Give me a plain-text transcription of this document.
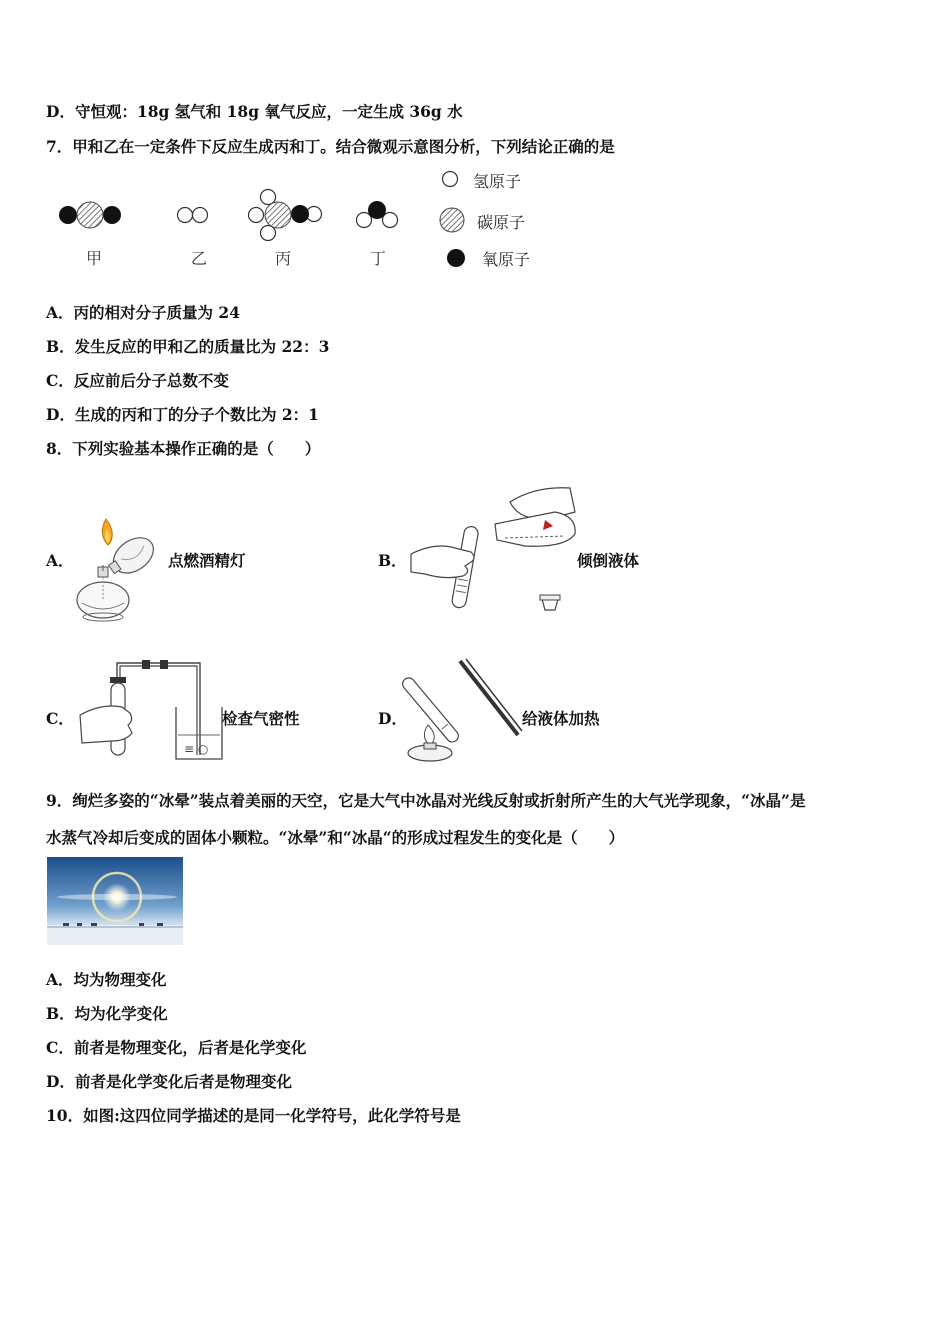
D．守恒观：18g 氢气和 18g 氧气反应，一定生成 36g 水
7．甲和乙在一定条件下反应生成丙和丁。结合微观示意图分析，下列结论正确的是
甲	乙	丙	丁
氢原子
碳原子
氧原子
A．丙的相对分子质量为 24
B．发生反应的甲和乙的质量比为 22：3
C．反应前后分子总数不变
D．生成的丙和丁的分子个数比为 2：1
8．下列实验基本操作正确的是（　　）
A．	点燃酒精灯	B．	倾倒液体
C．
≡ ○
检查气密性	D．	给液体加热
9．绚烂多姿的“冰晕”装点着美丽的天空，它是大气中冰晶对光线反射或折射所产生的大气光学现象，“冰晶”是
水蒸气冷却后变成的固体小颗粒。“冰晕”和“冰晶“的形成过程发生的变化是（　　）
A．均为物理变化
B．均为化学变化
C．前者是物理变化，后者是化学变化
D．前者是化学变化后者是物理变化
10．如图:这四位同学描述的是同一化学符号，此化学符号是
